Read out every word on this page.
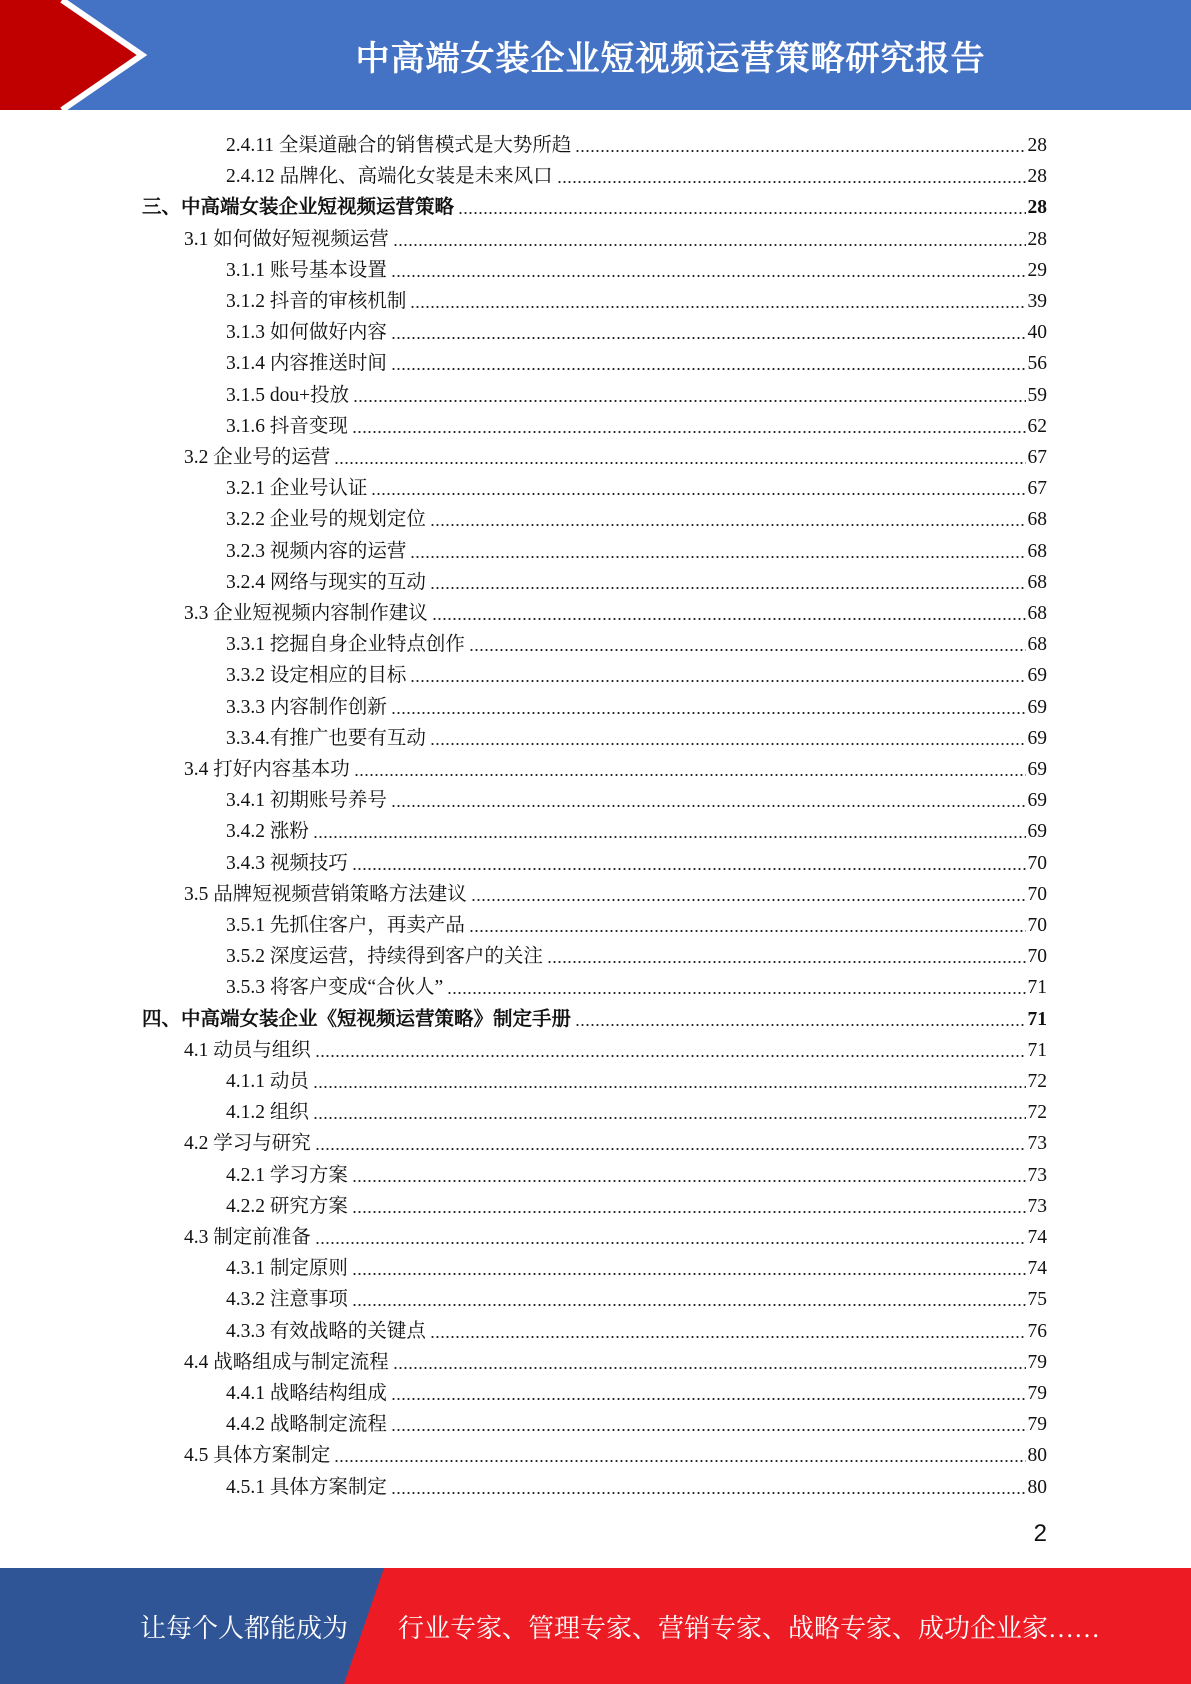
中高端女装企业短视频运营策略研究报告
2.4.11 全渠道融合的销售模式是大势所趋	28
2.4.12 品牌化、高端化女装是未来风口	28
三、中高端女装企业短视频运营策略	28
3.1 如何做好短视频运营	28
3.1.1 账号基本设置	29
3.1.2 抖音的审核机制	39
3.1.3 如何做好内容	40
3.1.4 内容推送时间	56
3.1.5 dou+投放	59
3.1.6 抖音变现	62
3.2 企业号的运营	67
3.2.1 企业号认证	67
3.2.2 企业号的规划定位	68
3.2.3 视频内容的运营	68
3.2.4 网络与现实的互动	68
3.3 企业短视频内容制作建议	68
3.3.1 挖掘自身企业特点创作	68
3.3.2 设定相应的目标	69
3.3.3 内容制作创新	69
3.3.4.有推广也要有互动	69
3.4 打好内容基本功	69
3.4.1 初期账号养号	69
3.4.2 涨粉	69
3.4.3 视频技巧	70
3.5 品牌短视频营销策略方法建议	70
3.5.1 先抓住客户，再卖产品	70
3.5.2 深度运营，持续得到客户的关注	70
3.5.3 将客户变成“合伙人”	71
四、中高端女装企业《短视频运营策略》制定手册	71
4.1 动员与组织	71
4.1.1 动员	72
4.1.2 组织	72
4.2 学习与研究	73
4.2.1 学习方案	73
4.2.2 研究方案	73
4.3 制定前准备	74
4.3.1 制定原则	74
4.3.2 注意事项	75
4.3.3 有效战略的关键点	76
4.4 战略组成与制定流程	79
4.4.1 战略结构组成	79
4.4.2 战略制定流程	79
4.5 具体方案制定	80
4.5.1 具体方案制定	80
2
让每个人都能成为 行业专家、管理专家、营销专家、战略专家、成功企业家……
